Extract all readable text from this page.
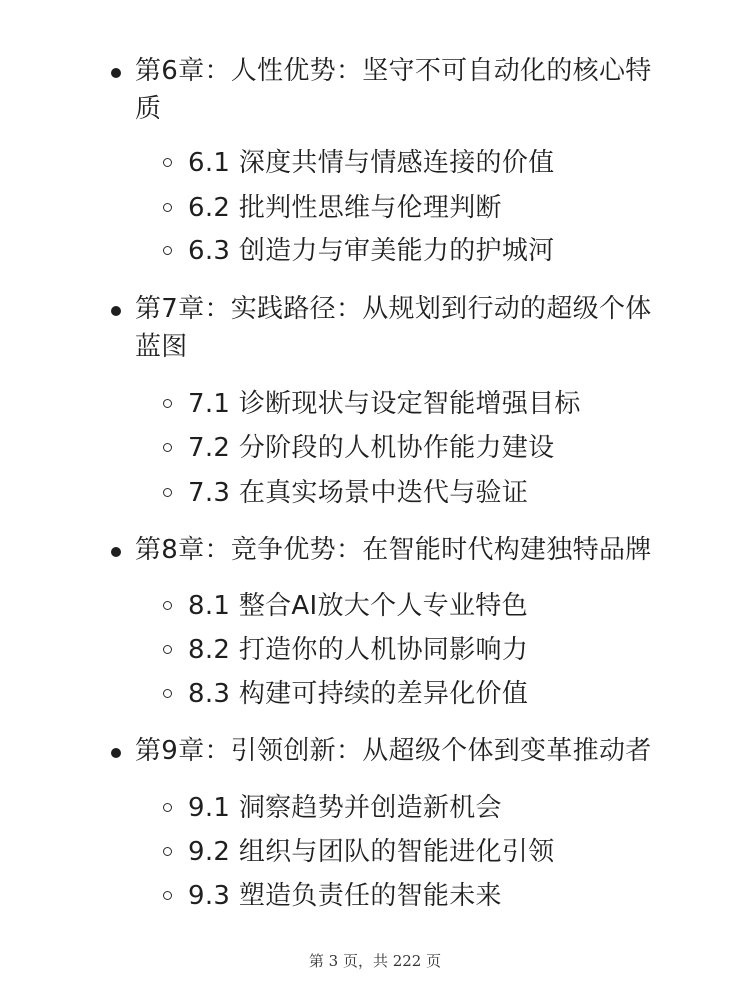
第6章：人性优势：坚守不可自动化的核心特质
6.1 深度共情与情感连接的价值
6.2 批判性思维与伦理判断
6.3 创造力与审美能力的护城河
第7章：实践路径：从规划到行动的超级个体蓝图
7.1 诊断现状与设定智能增强目标
7.2 分阶段的人机协作能力建设
7.3 在真实场景中迭代与验证
第8章：竞争优势：在智能时代构建独特品牌
8.1 整合AI放大个人专业特色
8.2 打造你的人机协同影响力
8.3 构建可持续的差异化价值
第9章：引领创新：从超级个体到变革推动者
9.1 洞察趋势并创造新机会
9.2 组织与团队的智能进化引领
9.3 塑造负责任的智能未来
第 3 页，共 222 页
